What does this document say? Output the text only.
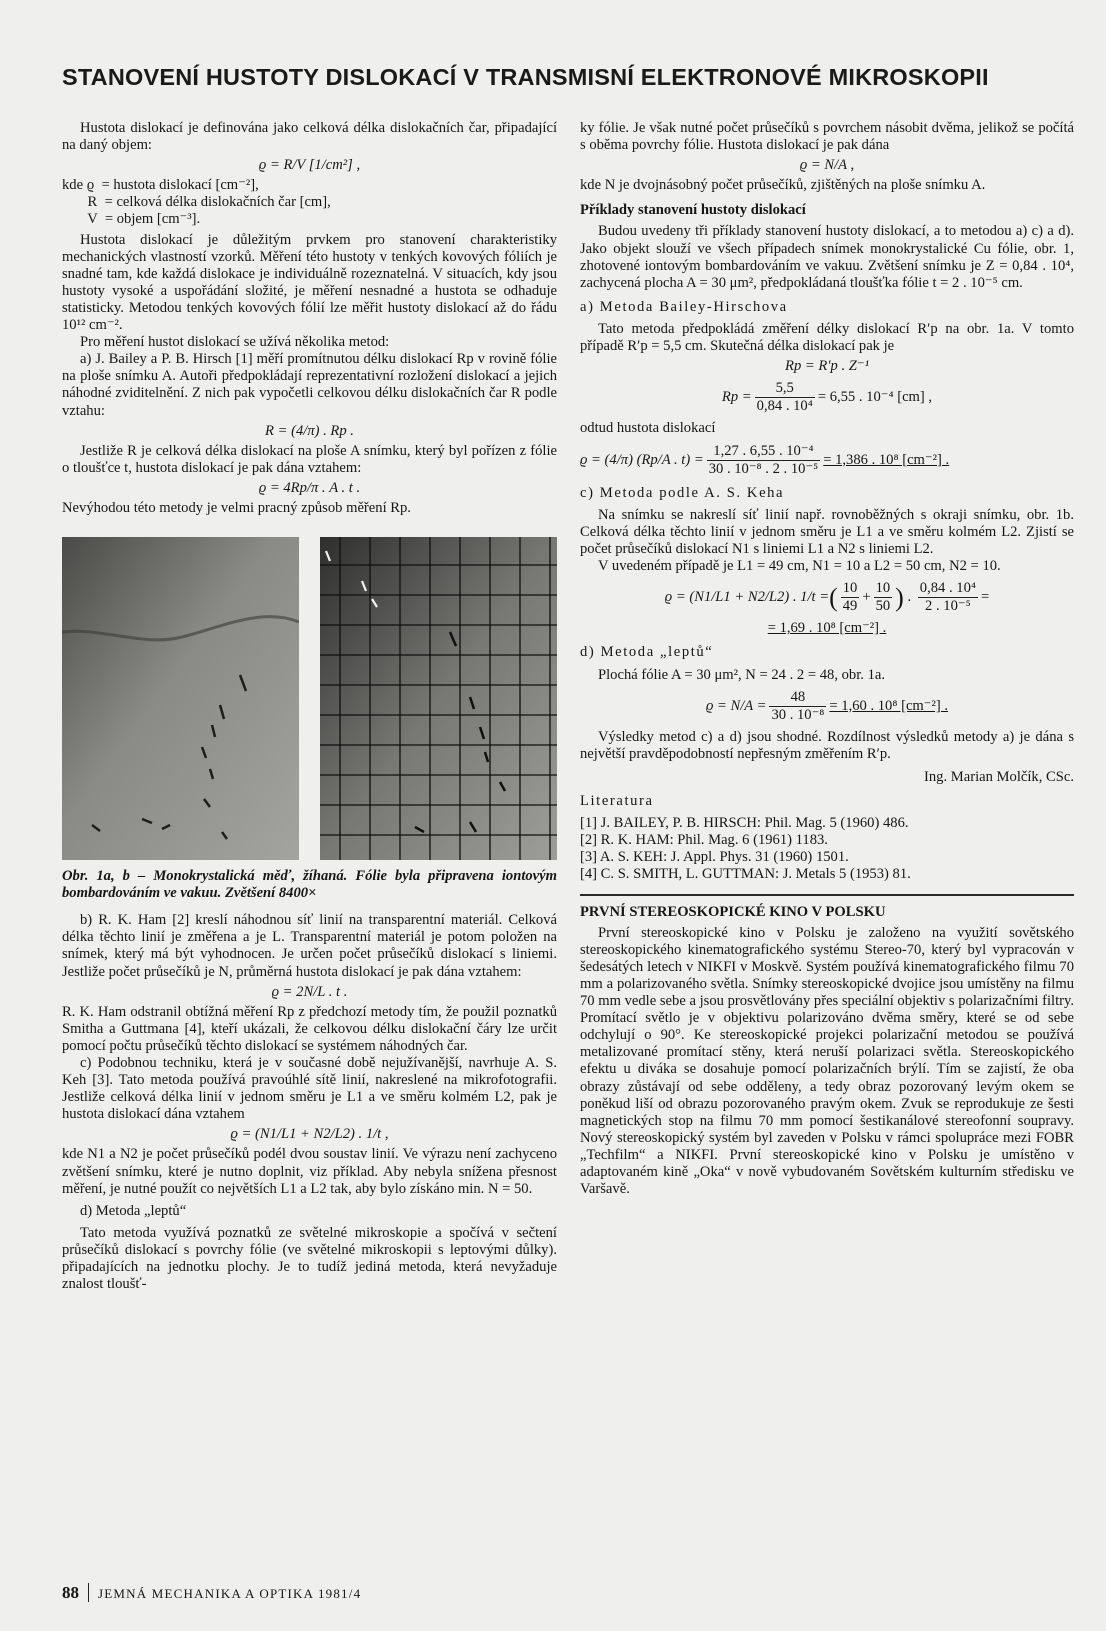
STANOVENÍ HUSTOTY DISLOKACÍ V TRANSMISNÍ ELEKTRONOVÉ MIKROSKOPII

Hustota dislokací je definována jako celková délka dislokačních čar, připadající na daný objem:

ϱ = R/V [1/cm²] ,
kde ϱ  = hustota dislokací [cm⁻²],
R  = celková délka dislokačních čar [cm],
V  = objem [cm⁻³].

Hustota dislokací je důležitým prvkem pro stanovení charakteristiky mechanických vlastností vzorků. Měření této hustoty v tenkých kovových fóliích je snadné tam, kde každá dislokace je individuálně rozeznatelná. V situacích, kdy jsou hustoty vysoké a uspořádání složité, je měření nesnadné a hustota se odhaduje statisticky. Metodou tenkých kovových fólií lze měřit hustoty dislokací až do řádu 10¹² cm⁻².

Pro měření hustot dislokací se užívá několika metod:

a) J. Bailey a P. B. Hirsch [1] měří promítnutou délku dislokací Rp v rovině fólie na ploše snímku A. Autoři předpokládají reprezentativní rozložení dislokací a jejich náhodné zviditelnění. Z nich pak vypočetli celkovou délku dislokačních čar R podle vztahu:

R = (4/π) . Rp .

Jestliže R je celková délka dislokací na ploše A snímku, který byl pořízen z fólie o tloušťce t, hustota dislokací je pak dána vztahem:

ϱ = 4Rp/π . A . t .

Nevýhodou této metody je velmi pracný způsob měření Rp.

Obr. 1a, b – Monokrystalická měď, žíhaná. Fólie byla připravena iontovým bombardováním ve vakuu. Zvětšení 8400×

b) R. K. Ham [2] kreslí náhodnou síť linií na transparentní materiál. Celková délka těchto linií je změřena a je L. Transparentní materiál je potom položen na snímek, který má být vyhodnocen. Je určen počet průsečíků dislokací s liniemi. Jestliže počet průsečíků je N, průměrná hustota dislokací je pak dána vztahem:

ϱ = 2N/L . t .

R. K. Ham odstranil obtížná měření Rp z předchozí metody tím, že použil poznatků Smitha a Guttmana [4], kteří ukázali, že celkovou délku dislokační čáry lze určit pomocí počtu průsečíků těchto dislokací se systémem náhodných čar.

c) Podobnou techniku, která je v současné době nejužívanější, navrhuje A. S. Keh [3]. Tato metoda používá pravoúhlé sítě linií, nakreslené na mikrofotografii. Jestliže celková délka linií v jednom směru je L1 a ve směru kolmém L2, pak je hustota dislokací dána vztahem

ϱ = (N1/L1 + N2/L2) . 1/t ,

kde N1 a N2 je počet průsečíků podél dvou soustav linií. Ve výrazu není zachyceno zvětšení snímku, které je nutno doplnit, viz příklad. Aby nebyla snížena přesnost měření, je nutné použít co největších L1 a L2 tak, aby bylo získáno min. N = 50.

d) Metoda „leptů“

Tato metoda využívá poznatků ze světelné mikroskopie a spočívá v sečtení průsečíků dislokací s povrchy fólie (ve světelné mikroskopii s leptovými důlky). připadajících na jednotku plochy. Je to tudíž jediná metoda, která nevyžaduje znalost tloušť-

ky fólie. Je však nutné počet průsečíků s povrchem násobit dvěma, jelikož se počítá s oběma povrchy fólie. Hustota dislokací je pak dána

ϱ = N/A ,

kde N je dvojnásobný počet průsečíků, zjištěných na ploše snímku A.

Příklady stanovení hustoty dislokací

Budou uvedeny tři příklady stanovení hustoty dislokací, a to metodou a) c) a d). Jako objekt slouží ve všech případech snímek monokrystalické Cu fólie, obr. 1, zhotovené iontovým bombardováním ve vakuu. Zvětšení snímku je Z = 0,84 . 10⁴, zachycená plocha A = 30 μm², předpokládaná tloušťka fólie t = 2 . 10⁻⁵ cm.

a) Metoda Bailey-Hirschova

Tato metoda předpokládá změření délky dislokací R′p na obr. 1a. V tomto případě R′p = 5,5 cm. Skutečná délka dislokací pak je

Rp = R′p . Z⁻¹
$Rp = \frac{5,5}{\text{0,84 . 10⁴}} = 6,55$ . 10⁻⁴ [cm] ,

odtud hustota dislokací

ϱ = (4/π) (Rp/A . $t) = \frac{\text{1,27 . 6,55 . 10⁻⁴}}{\text{30 . 10⁻⁸ . 2 . 10⁻⁵}} = 1,386$ . 10⁸ [cm⁻²] .

c) Metoda podle A. S. Keha

Na snímku se nakreslí síť linií např. rovnoběžných s okraji snímku, obr. 1b. Celková délka těchto linií v jednom směru je L1 a ve směru kolmém L2. Zjistí se počet průsečíků dislokací N1 s liniemi L1 a N2 s liniemi L2.

V uvedeném případě je L1 = 49 cm, N1 = 10 a L2 = 50 cm, N2 = 10.

ϱ = (N1/L1 + N2/L2) . 1/t = ( $\frac{10}{49} + \frac{10}{50}$ ) . $\frac{\text{0,84 . 10⁴}}{\text{2 . 10⁻⁵}}$ =
= 1,69 . 10⁸ [cm⁻²] .

d) Metoda „leptů“

Plochá fólie A = 30 μm², N = 24 . 2 = 48, obr. 1a.

$ϱ = N/A = \frac{48}{\text{30 . 10⁻⁸}} = 1,60$ . 10⁸ [cm⁻²] .

Výsledky metod c) a d) jsou shodné. Rozdílnost výsledků metody a) je dána s největší pravděpodobností nepřesným změřením R′p.

Ing. Marian Molčík, CSc.

Literatura

[1] J. BAILEY, P. B. HIRSCH: Phil. Mag. 5 (1960) 486.
[2] R. K. HAM: Phil. Mag. 6 (1961) 1183.
[3] A. S. KEH: J. Appl. Phys. 31 (1960) 1501.
[4] C. S. SMITH, L. GUTTMAN: J. Metals 5 (1953) 81.

PRVNÍ STEREOSKOPICKÉ KINO V POLSKU

První stereoskopické kino v Polsku je založeno na využití sovětského stereoskopického kinematografického systému Stereo-70, který byl vypracován v šedesátých letech v NIKFI v Moskvě. Systém používá kinematografického filmu 70 mm a polarizovaného světla. Snímky stereoskopické dvojice jsou umístěny na filmu 70 mm vedle sebe a jsou prosvětlovány přes speciální objektiv s polarizačními filtry. Promítací světlo je v objektivu polarizováno dvěma směry, které se od sebe odchylují o 90°. Ke stereoskopické projekci polarizační metodou se používá metalizované promítací stěny, která neruší polarizaci světla. Stereoskopického efektu u diváka se dosahuje pomocí polarizačních brýlí. Tím se zajistí, že oba obrazy zůstávají od sebe odděleny, a tedy obraz pozorovaný levým okem se poněkud liší od obrazu pozorovaného pravým okem. Zvuk se reprodukuje ze šesti magnetických stop na filmu 70 mm pomocí šestikanálové stereofonní soupravy. Nový stereoskopický systém byl zaveden v Polsku v rámci spolupráce mezi FOBR „Techfilm“ a NIKFI. První stereoskopické kino v Polsku je umístěno v adaptovaném kině „Oka“ v nově vybudovaném Sovětském kulturním středisku ve Varšavě.

88 JEMNÁ MECHANIKA A OPTIKA 1981/4
